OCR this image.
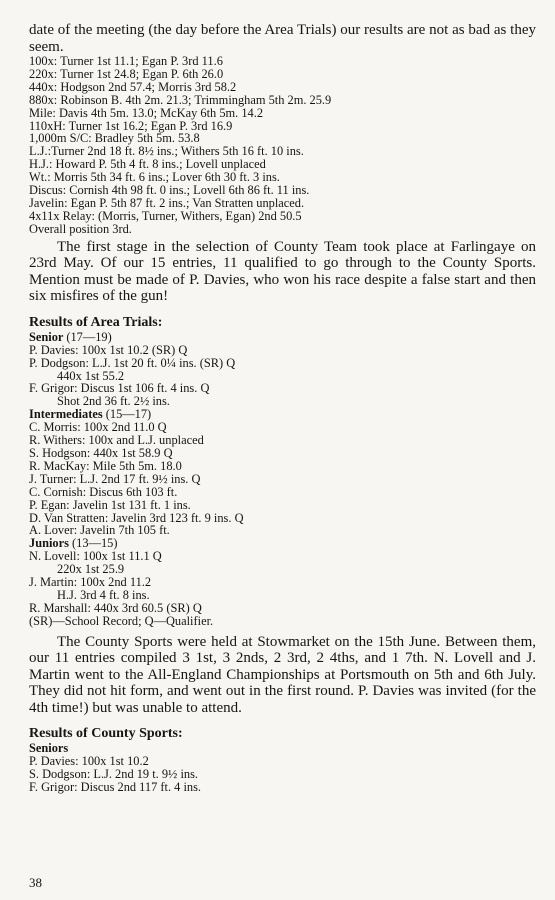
date of the meeting (the day before the Area Trials) our results are not as bad as they seem.

100x: Turner 1st 11.1; Egan P. 3rd 11.6
220x: Turner 1st 24.8; Egan P. 6th 26.0
440x: Hodgson 2nd 57.4; Morris 3rd 58.2
880x: Robinson B. 4th 2m. 21.3; Trimmingham 5th 2m. 25.9
Mile: Davis 4th 5m. 13.0; McKay 6th 5m. 14.2
110xH: Turner 1st 16.2; Egan P. 3rd 16.9
1,000m S/C: Bradley 5th 5m. 53.8
L.J.:Turner 2nd 18 ft. 8½ ins.; Withers 5th 16 ft. 10 ins.
H.J.: Howard P. 5th 4 ft. 8 ins.; Lovell unplaced
Wt.: Morris 5th 34 ft. 6 ins.; Lover 6th 30 ft. 3 ins.
Discus: Cornish 4th 98 ft. 0 ins.; Lovell 6th 86 ft. 11 ins.
Javelin: Egan P. 5th 87 ft. 2 ins.; Van Stratten unplaced.
4x11x Relay: (Morris, Turner, Withers, Egan) 2nd 50.5
Overall position 3rd.

The first stage in the selection of County Team took place at Farlingaye on 23rd May. Of our 15 entries, 11 qualified to go through to the County Sports. Mention must be made of P. Davies, who won his race despite a false start and then six misfires of the gun!

Results of Area Trials:
Senior (17—19)
P. Davies: 100x 1st 10.2 (SR) Q
P. Dodgson: L.J. 1st 20 ft. 0¼ ins. (SR) Q
440x 1st 55.2
F. Grigor: Discus 1st 106 ft. 4 ins. Q
Shot 2nd 36 ft. 2½ ins.
Intermediates (15—17)
C. Morris: 100x 2nd 11.0 Q
R. Withers: 100x and L.J. unplaced
S. Hodgson: 440x 1st 58.9 Q
R. MacKay: Mile 5th 5m. 18.0
J. Turner: L.J. 2nd 17 ft. 9½ ins. Q
C. Cornish: Discus 6th 103 ft.
P. Egan: Javelin 1st 131 ft. 1 ins.
D. Van Stratten: Javelin 3rd 123 ft. 9 ins. Q
A. Lover: Javelin 7th 105 ft.
Juniors (13—15)
N. Lovell: 100x 1st 11.1 Q
220x 1st 25.9
J. Martin: 100x 2nd 11.2
H.J. 3rd 4 ft. 8 ins.
R. Marshall: 440x 3rd 60.5 (SR) Q
(SR)—School Record; Q—Qualifier.

The County Sports were held at Stowmarket on the 15th June. Between them, our 11 entries compiled 3 1st, 3 2nds, 2 3rd, 2 4ths, and 1 7th. N. Lovell and J. Martin went to the All-England Championships at Portsmouth on 5th and 6th July. They did not hit form, and went out in the first round. P. Davies was invited (for the 4th time!) but was unable to attend.

Results of County Sports:
Seniors
P. Davies: 100x 1st 10.2
S. Dodgson: L.J. 2nd 19 t. 9½ ins.
F. Grigor: Discus 2nd 117 ft. 4 ins.
38
